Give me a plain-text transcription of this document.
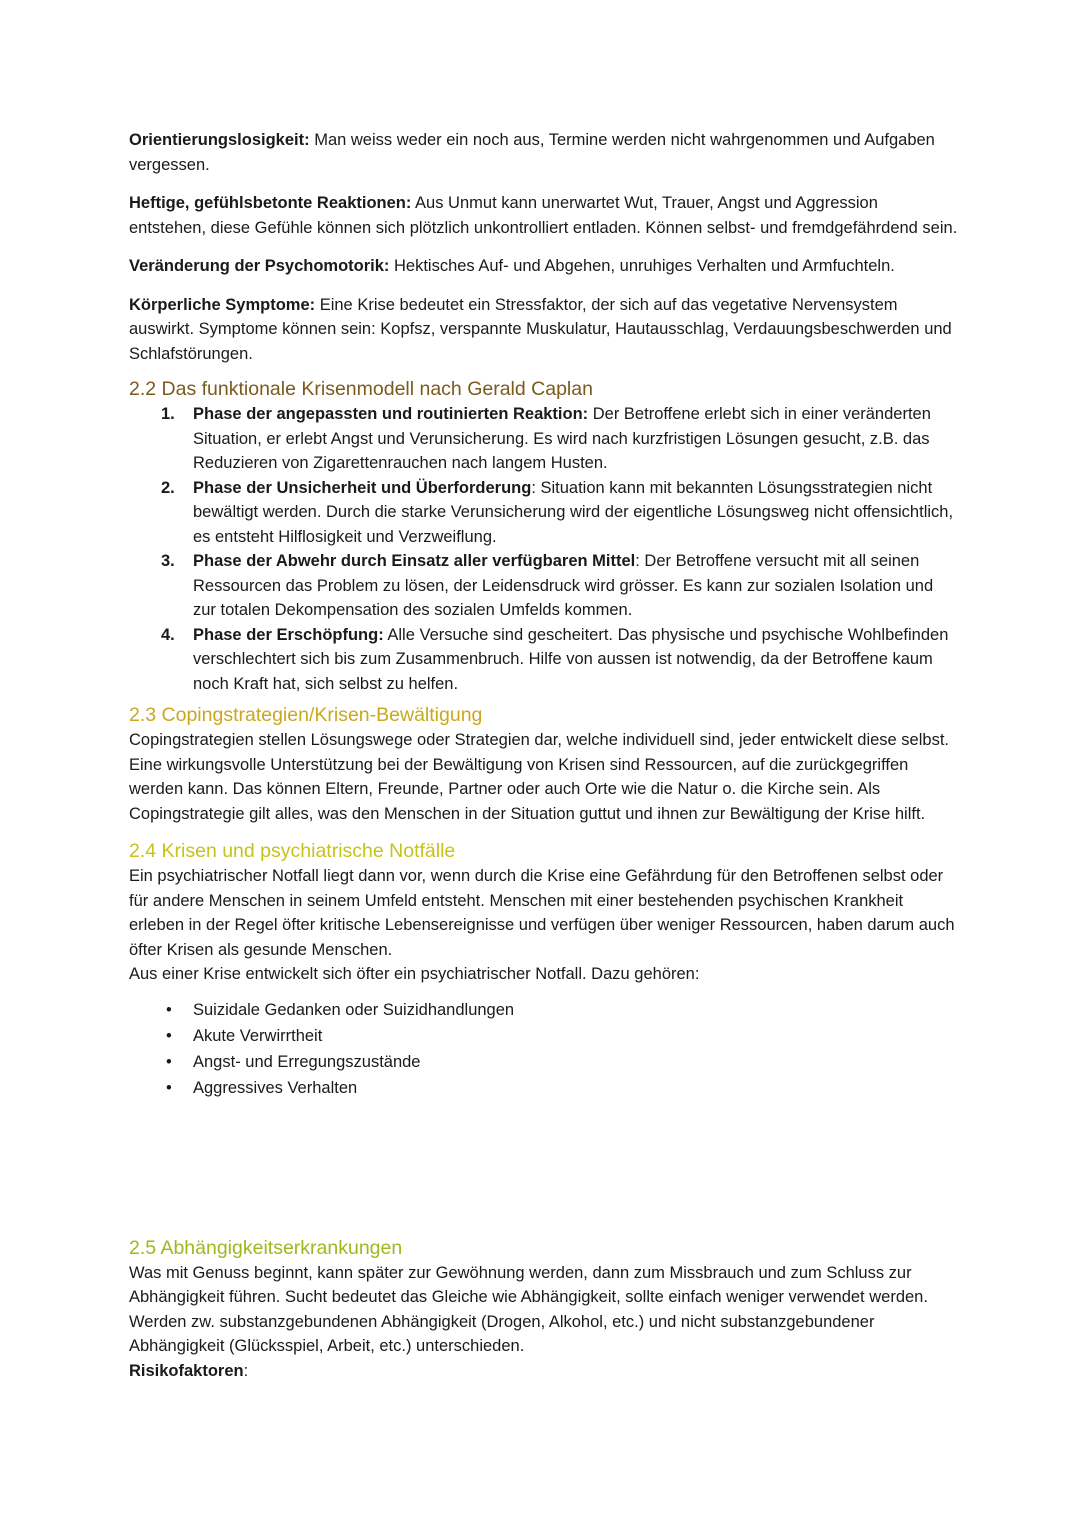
Orientierungslosigkeit: Man weiss weder ein noch aus, Termine werden nicht wahrgenommen und Aufgaben vergessen.

Heftige, gefühlsbetonte Reaktionen: Aus Unmut kann unerwartet Wut, Trauer, Angst und Aggression entstehen, diese Gefühle können sich plötzlich unkontrolliert entladen. Können selbst- und fremdgefährdend sein.

Veränderung der Psychomotorik: Hektisches Auf- und Abgehen, unruhiges Verhalten und Armfuchteln.

Körperliche Symptome: Eine Krise bedeutet ein Stressfaktor, der sich auf das vegetative Nervensystem auswirkt. Symptome können sein: Kopfsz, verspannte Muskulatur, Hautausschlag, Verdauungsbeschwerden und Schlafstörungen.

2.2 Das funktionale Krisenmodell nach Gerald Caplan
1. Phase der angepassten und routinierten Reaktion: Der Betroffene erlebt sich in einer veränderten Situation, er erlebt Angst und Verunsicherung. Es wird nach kurzfristigen Lösungen gesucht, z.B. das Reduzieren von Zigarettenrauchen nach langem Husten.
2. Phase der Unsicherheit und Überforderung: Situation kann mit bekannten Lösungsstrategien nicht bewältigt werden. Durch die starke Verunsicherung wird der eigentliche Lösungsweg nicht offensichtlich, es entsteht Hilflosigkeit und Verzweiflung.
3. Phase der Abwehr durch Einsatz aller verfügbaren Mittel: Der Betroffene versucht mit all seinen Ressourcen das Problem zu lösen, der Leidensdruck wird grösser. Es kann zur sozialen Isolation und zur totalen Dekompensation des sozialen Umfelds kommen.
4. Phase der Erschöpfung: Alle Versuche sind gescheitert. Das physische und psychische Wohlbefinden verschlechtert sich bis zum Zusammenbruch. Hilfe von aussen ist notwendig, da der Betroffene kaum noch Kraft hat, sich selbst zu helfen.
2.3 Copingstrategien/Krisen-Bewältigung

Copingstrategien stellen Lösungswege oder Strategien dar, welche individuell sind, jeder entwickelt diese selbst. Eine wirkungsvolle Unterstützung bei der Bewältigung von Krisen sind Ressourcen, auf die zurückgegriffen werden kann. Das können Eltern, Freunde, Partner oder auch Orte wie die Natur o. die Kirche sein. Als Copingstrategie gilt alles, was den Menschen in der Situation guttut und ihnen zur Bewältigung der Krise hilft.

2.4 Krisen und psychiatrische Notfälle

Ein psychiatrischer Notfall liegt dann vor, wenn durch die Krise eine Gefährdung für den Betroffenen selbst oder für andere Menschen in seinem Umfeld entsteht. Menschen mit einer bestehenden psychischen Krankheit erleben in der Regel öfter kritische Lebensereignisse und verfügen über weniger Ressourcen, haben darum auch öfter Krisen als gesunde Menschen.

Aus einer Krise entwickelt sich öfter ein psychiatrischer Notfall. Dazu gehören:

• Suizidale Gedanken oder Suizidhandlungen
• Akute Verwirrtheit
• Angst- und Erregungszustände
• Aggressives Verhalten
2.5 Abhängigkeitserkrankungen

Was mit Genuss beginnt, kann später zur Gewöhnung werden, dann zum Missbrauch und zum Schluss zur Abhängigkeit führen. Sucht bedeutet das Gleiche wie Abhängigkeit, sollte einfach weniger verwendet werden. Werden zw. substanzgebundenen Abhängigkeit (Drogen, Alkohol, etc.) und nicht substanzgebundener Abhängigkeit (Glücksspiel, Arbeit, etc.) unterschieden.

Risikofaktoren:
